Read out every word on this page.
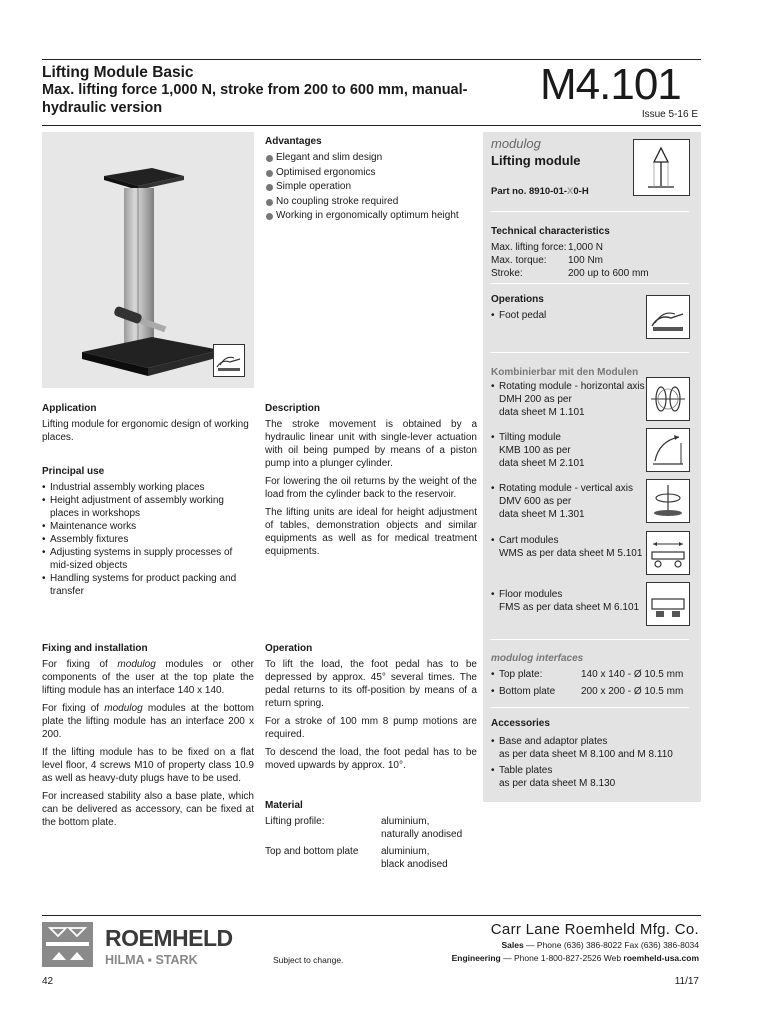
Lifting Module Basic
Max. lifting force 1,000 N, stroke from 200 to 600 mm, manual-hydraulic version	M4.101
Issue 5-16 E
Advantages
Elegant and slim design
Optimised ergonomics
Simple operation
No coupling stroke required
Working in ergonomically optimum height
Application
Lifting module for ergonomic design of working places.
Principal use
• Industrial assembly working places
• Height adjustment of assembly working places in workshops
• Maintenance works
• Assembly fixtures
• Adjusting systems in supply processes of mid-sized objects
• Handling systems for product packing and transfer
Description
The stroke movement is obtained by a hydraulic linear unit with single-lever actuation with oil being pumped by means of a piston pump into a plunger cylinder.
For lowering the oil returns by the weight of the load from the cylinder back to the reservoir.
The lifting units are ideal for height adjustment of tables, demonstration objects and similar equipments as well as for medical treatment equipments.
Fixing and installation
For fixing of modulog modules or other components of the user at the top plate the lifting module has an interface 140 x 140.
For fixing of modulog modules at the bottom plate the lifting module has an interface 200 x 200.
If the lifting module has to be fixed on a flat level floor, 4 screws M10 of property class 10.9 as well as heavy-duty plugs have to be used.
For increased stability also a base plate, which can be delivered as accessory, can be fixed at the bottom plate.
Operation
To lift the load, the foot pedal has to be depressed by approx. 45° several times. The pedal returns to its off-position by means of a return spring.
For a stroke of 100 mm 8 pump motions are required.
To descend the load, the foot pedal has to be moved upwards by approx. 10°.
Material
Lifting profile:	aluminium,
naturally anodised
Top and bottom plate	aluminium,
black anodised
modulog
Lifting module
Part no. 8910-01-X0-H
Technical characteristics
Max. lifting force: 1,000 N
Max. torque:	100 Nm
Stroke:	200 up to 600 mm
Operations
• Foot pedal
Kombinierbar mit den Modulen
Rotating module - horizontal axis
DMH 200 as per
data sheet M 1.101
•
Tilting module
KMB 100 as per
data sheet M 2.101
•
Rotating module - vertical axis
DMV 600 as per
data sheet M 1.301
•
Cart modules
WMS as per data sheet M 5.101
•
Floor modules
FMS as per data sheet M 6.101
•
modulog interfaces
• Top plate:	140 x 140 - Ø 10.5 mm
• Bottom plate	200 x 200 - Ø 10.5 mm
Accessories
• Base and adaptor plates
as per data sheet M 8.100 and M 8.110
• Table plates
as per data sheet M 8.130
ROEMHELD
HILMA ▪ STARK	Subject to change.
Carr Lane Roemheld Mfg. Co.
Sales — Phone (636) 386-8022 Fax (636) 386-8034
Engineering — Phone 1-800-827-2526 Web roemheld-usa.com
42	11/17
